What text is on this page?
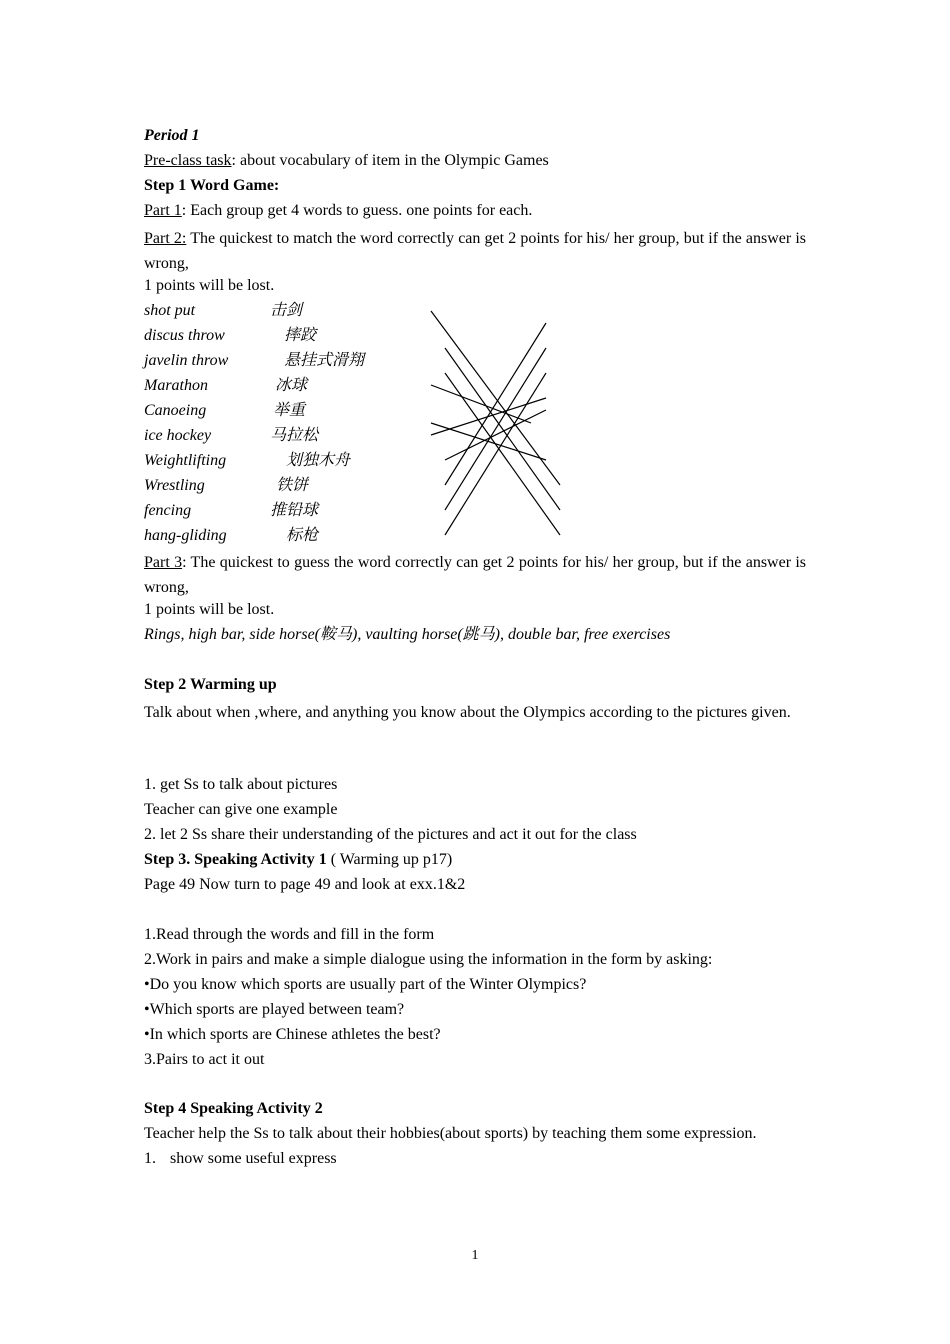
Period 1
Pre-class task: about vocabulary of item in the Olympic Games
Step 1 Word Game:
Part 1: Each group get 4 words to guess. one points for each.
Part 2: The quickest to match the word correctly can get 2 points for his/ her group, but if the answer is wrong,
1 points will be lost.
shot put	击剑
discus throw	摔跤
javelin throw	悬挂式滑翔
Marathon	冰球
Canoeing	举重
ice hockey	马拉松
Weightlifting	划独木舟
Wrestling	铁饼
fencing	推铅球
hang-gliding	标枪
Part 3: The quickest to guess the word correctly can get 2 points for his/ her group, but if the answer is wrong,
1 points will be lost.
Rings, high bar, side horse(鞍马), vaulting horse(跳马), double bar, free exercises
Step 2 Warming up
Talk about when ,where, and anything you know about the Olympics according to the pictures given.
1. get Ss to talk about pictures
Teacher can give one example
2. let 2 Ss share their understanding of the pictures and act it out for the class
Step 3. Speaking Activity 1 ( Warming up p17)
Page 49 Now turn to page 49 and look at exx.1&2
1.Read through the words and fill in the form
2.Work in pairs and make a simple dialogue using the information in the form by asking:
•Do you know which sports are usually part of the Winter Olympics?
•Which sports are played between team?
•In which sports are Chinese athletes the best?
3.Pairs to act it out
Step 4 Speaking Activity 2
Teacher help the Ss to talk about their hobbies(about sports) by teaching them some expression.
1. show some useful express
1
